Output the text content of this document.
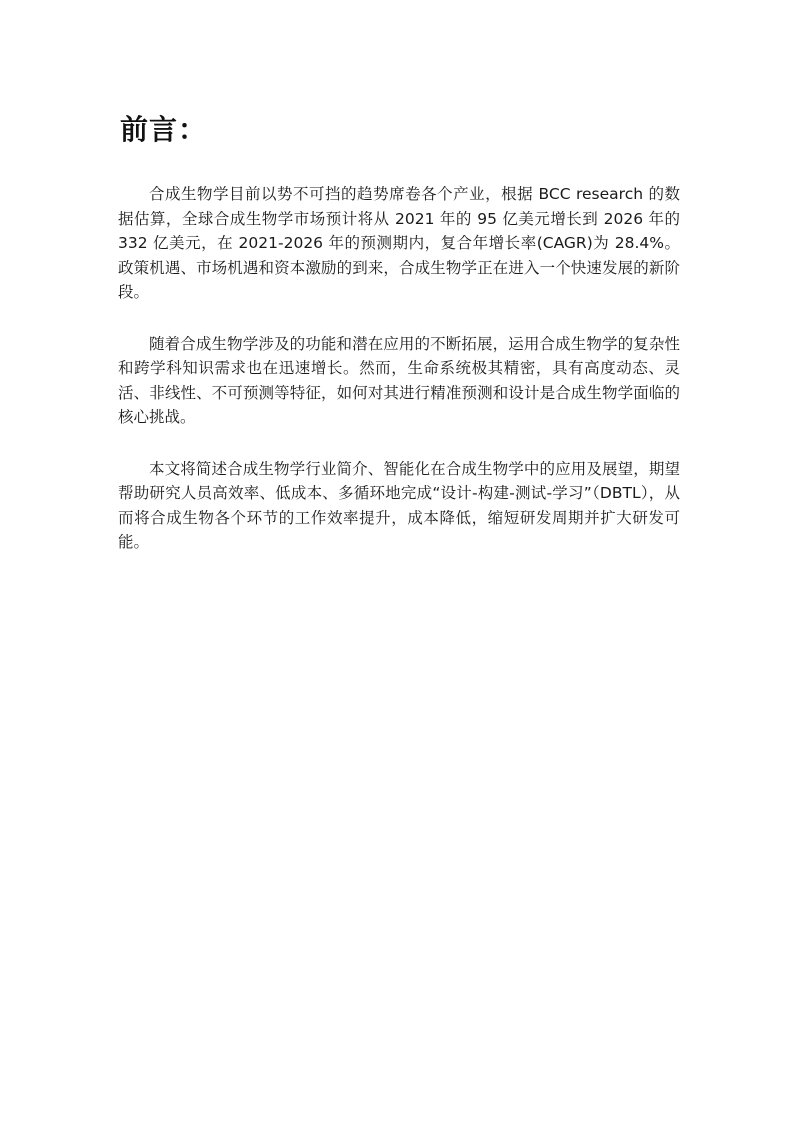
前言：

合成生物学目前以势不可挡的趋势席卷各个产业，根据 BCC research 的数据估算，全球合成生物学市场预计将从 2021 年的 95 亿美元增长到 2026 年的 332 亿美元，在 2021-2026 年的预测期内，复合年增长率(CAGR)为 28.4%。政策机遇、市场机遇和资本激励的到来，合成生物学正在进入一个快速发展的新阶段。

随着合成生物学涉及的功能和潜在应用的不断拓展，运用合成生物学的复杂性和跨学科知识需求也在迅速增长。然而，生命系统极其精密，具有高度动态、灵活、非线性、不可预测等特征，如何对其进行精准预测和设计是合成生物学面临的核心挑战。

本文将简述合成生物学行业简介、智能化在合成生物学中的应用及展望，期望帮助研究人员高效率、低成本、多循环地完成“设计-构建-测试-学习”（DBTL），从而将合成生物各个环节的工作效率提升，成本降低，缩短研发周期并扩大研发可能。
